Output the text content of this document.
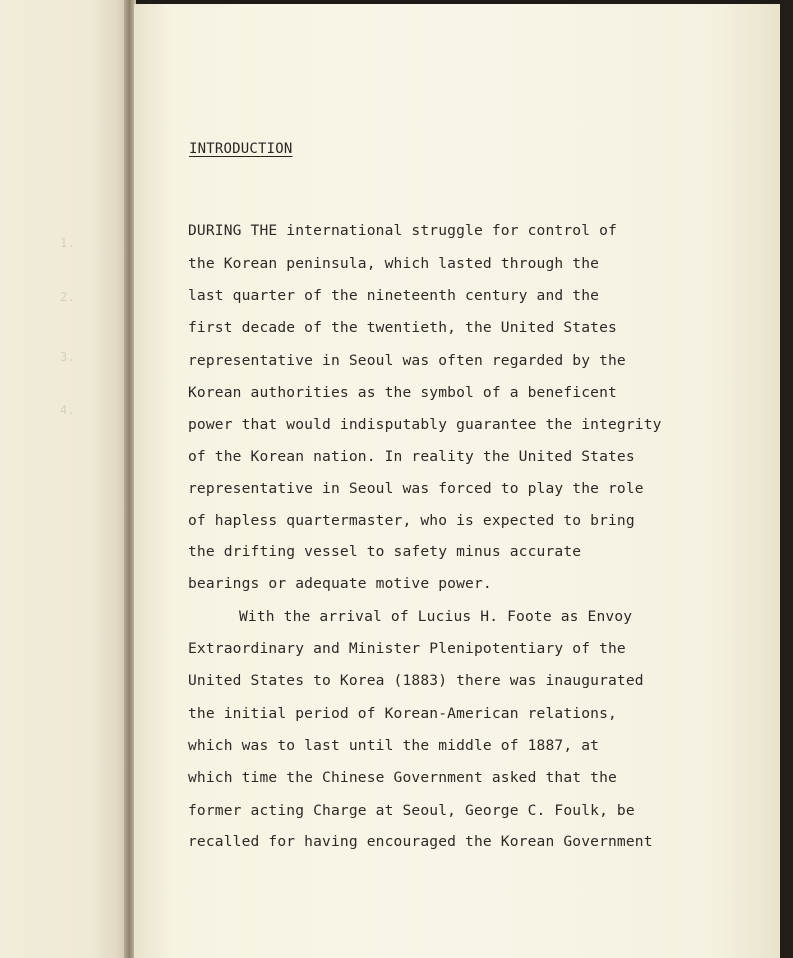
1.
2.
3.
4.
INTRODUCTION
DURING THE international struggle for control of
the Korean peninsula, which lasted through the
last quarter of the nineteenth century and the
first decade of the twentieth, the United States
representative in Seoul was often regarded by the
Korean authorities as the symbol of a beneficent
power that would indisputably guarantee the integrity
of the Korean nation. In reality the United States
representative in Seoul was forced to play the role
of hapless quartermaster, who is expected to bring
the drifting vessel to safety minus accurate
bearings or adequate motive power.
With the arrival of Lucius H. Foote as Envoy
Extraordinary and Minister Plenipotentiary of the
United States to Korea (1883) there was inaugurated
the initial period of Korean-American relations,
which was to last until the middle of 1887, at
which time the Chinese Government asked that the
former acting Charge at Seoul, George C. Foulk, be
recalled for having encouraged the Korean Government
